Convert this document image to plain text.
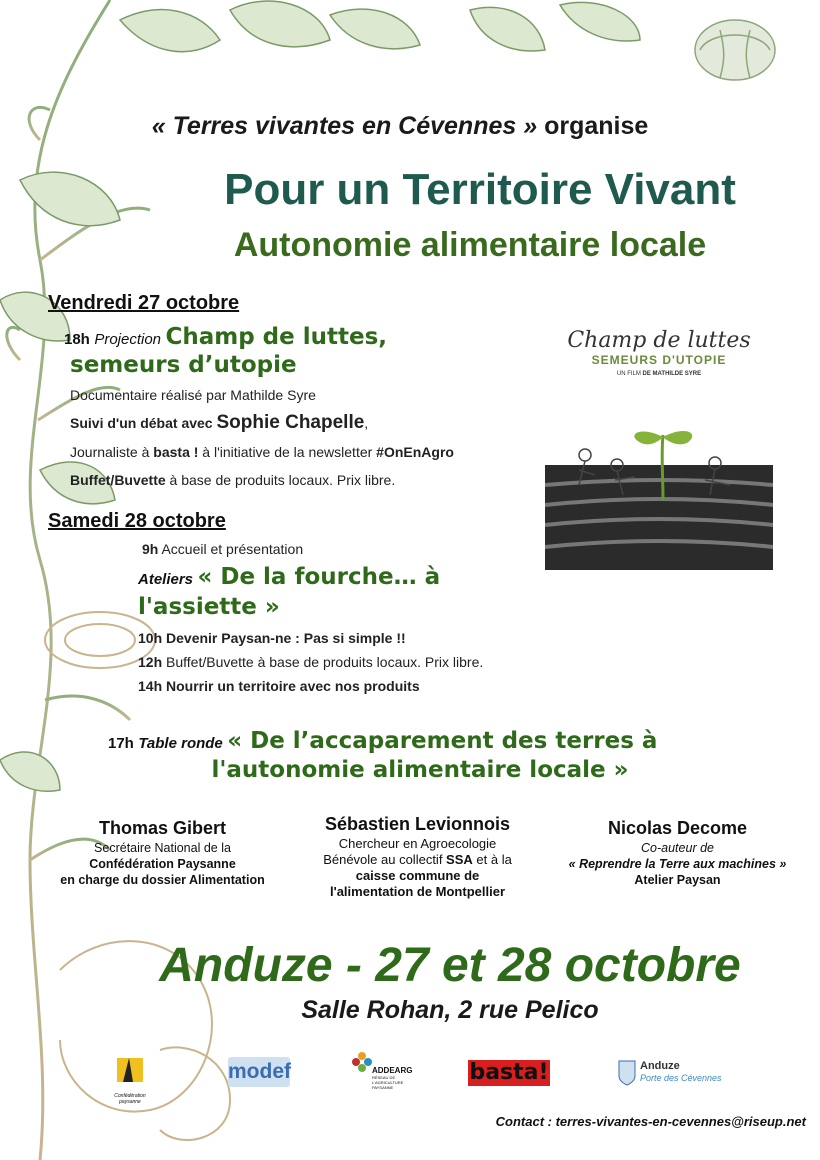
« Terres vivantes en Cévennes » organise
Pour un Territoire Vivant
Autonomie alimentaire locale
Vendredi 27 octobre
18h Projection Champ de luttes,
semeurs d’utopie
Documentaire réalisé par Mathilde Syre
Suivi d'un débat avec Sophie Chapelle,
Journaliste à basta ! à l'initiative de la newsletter #OnEnAgro
Buffet/Buvette à base de produits locaux. Prix libre.
Champ de luttes
SEMEURS D'UTOPIE
UN FILM DE MATHILDE SYRE
Samedi 28 octobre
9h Accueil et présentation
Ateliers « De la fourche… à
l'assiette »
10h Devenir Paysan-ne : Pas si simple !!
12h Buffet/Buvette à base de produits locaux. Prix libre.
14h Nourrir un territoire avec nos produits
17h Table ronde « De l’accaparement des terres à
l'autonomie alimentaire locale »
Thomas Gibert
Secrétaire National de la
Confédération Paysanne
en charge du dossier Alimentation
Sébastien Levionnois
Chercheur en Agroecologie
Bénévole au collectif SSA et à la
caisse commune de
l'alimentation de Montpellier
Nicolas Decome
Co-auteur de
« Reprendre la Terre aux machines »
Atelier Paysan
Anduze - 27 et 28 octobre
Salle Rohan, 2 rue Pelico
Confédération paysanne
modef	ADDEARG
RÉSEAU DE L'AGRICULTURE PAYSANNE
basta!	Anduze
Porte des Cévennes
Contact : terres-vivantes-en-cevennes@riseup.net
